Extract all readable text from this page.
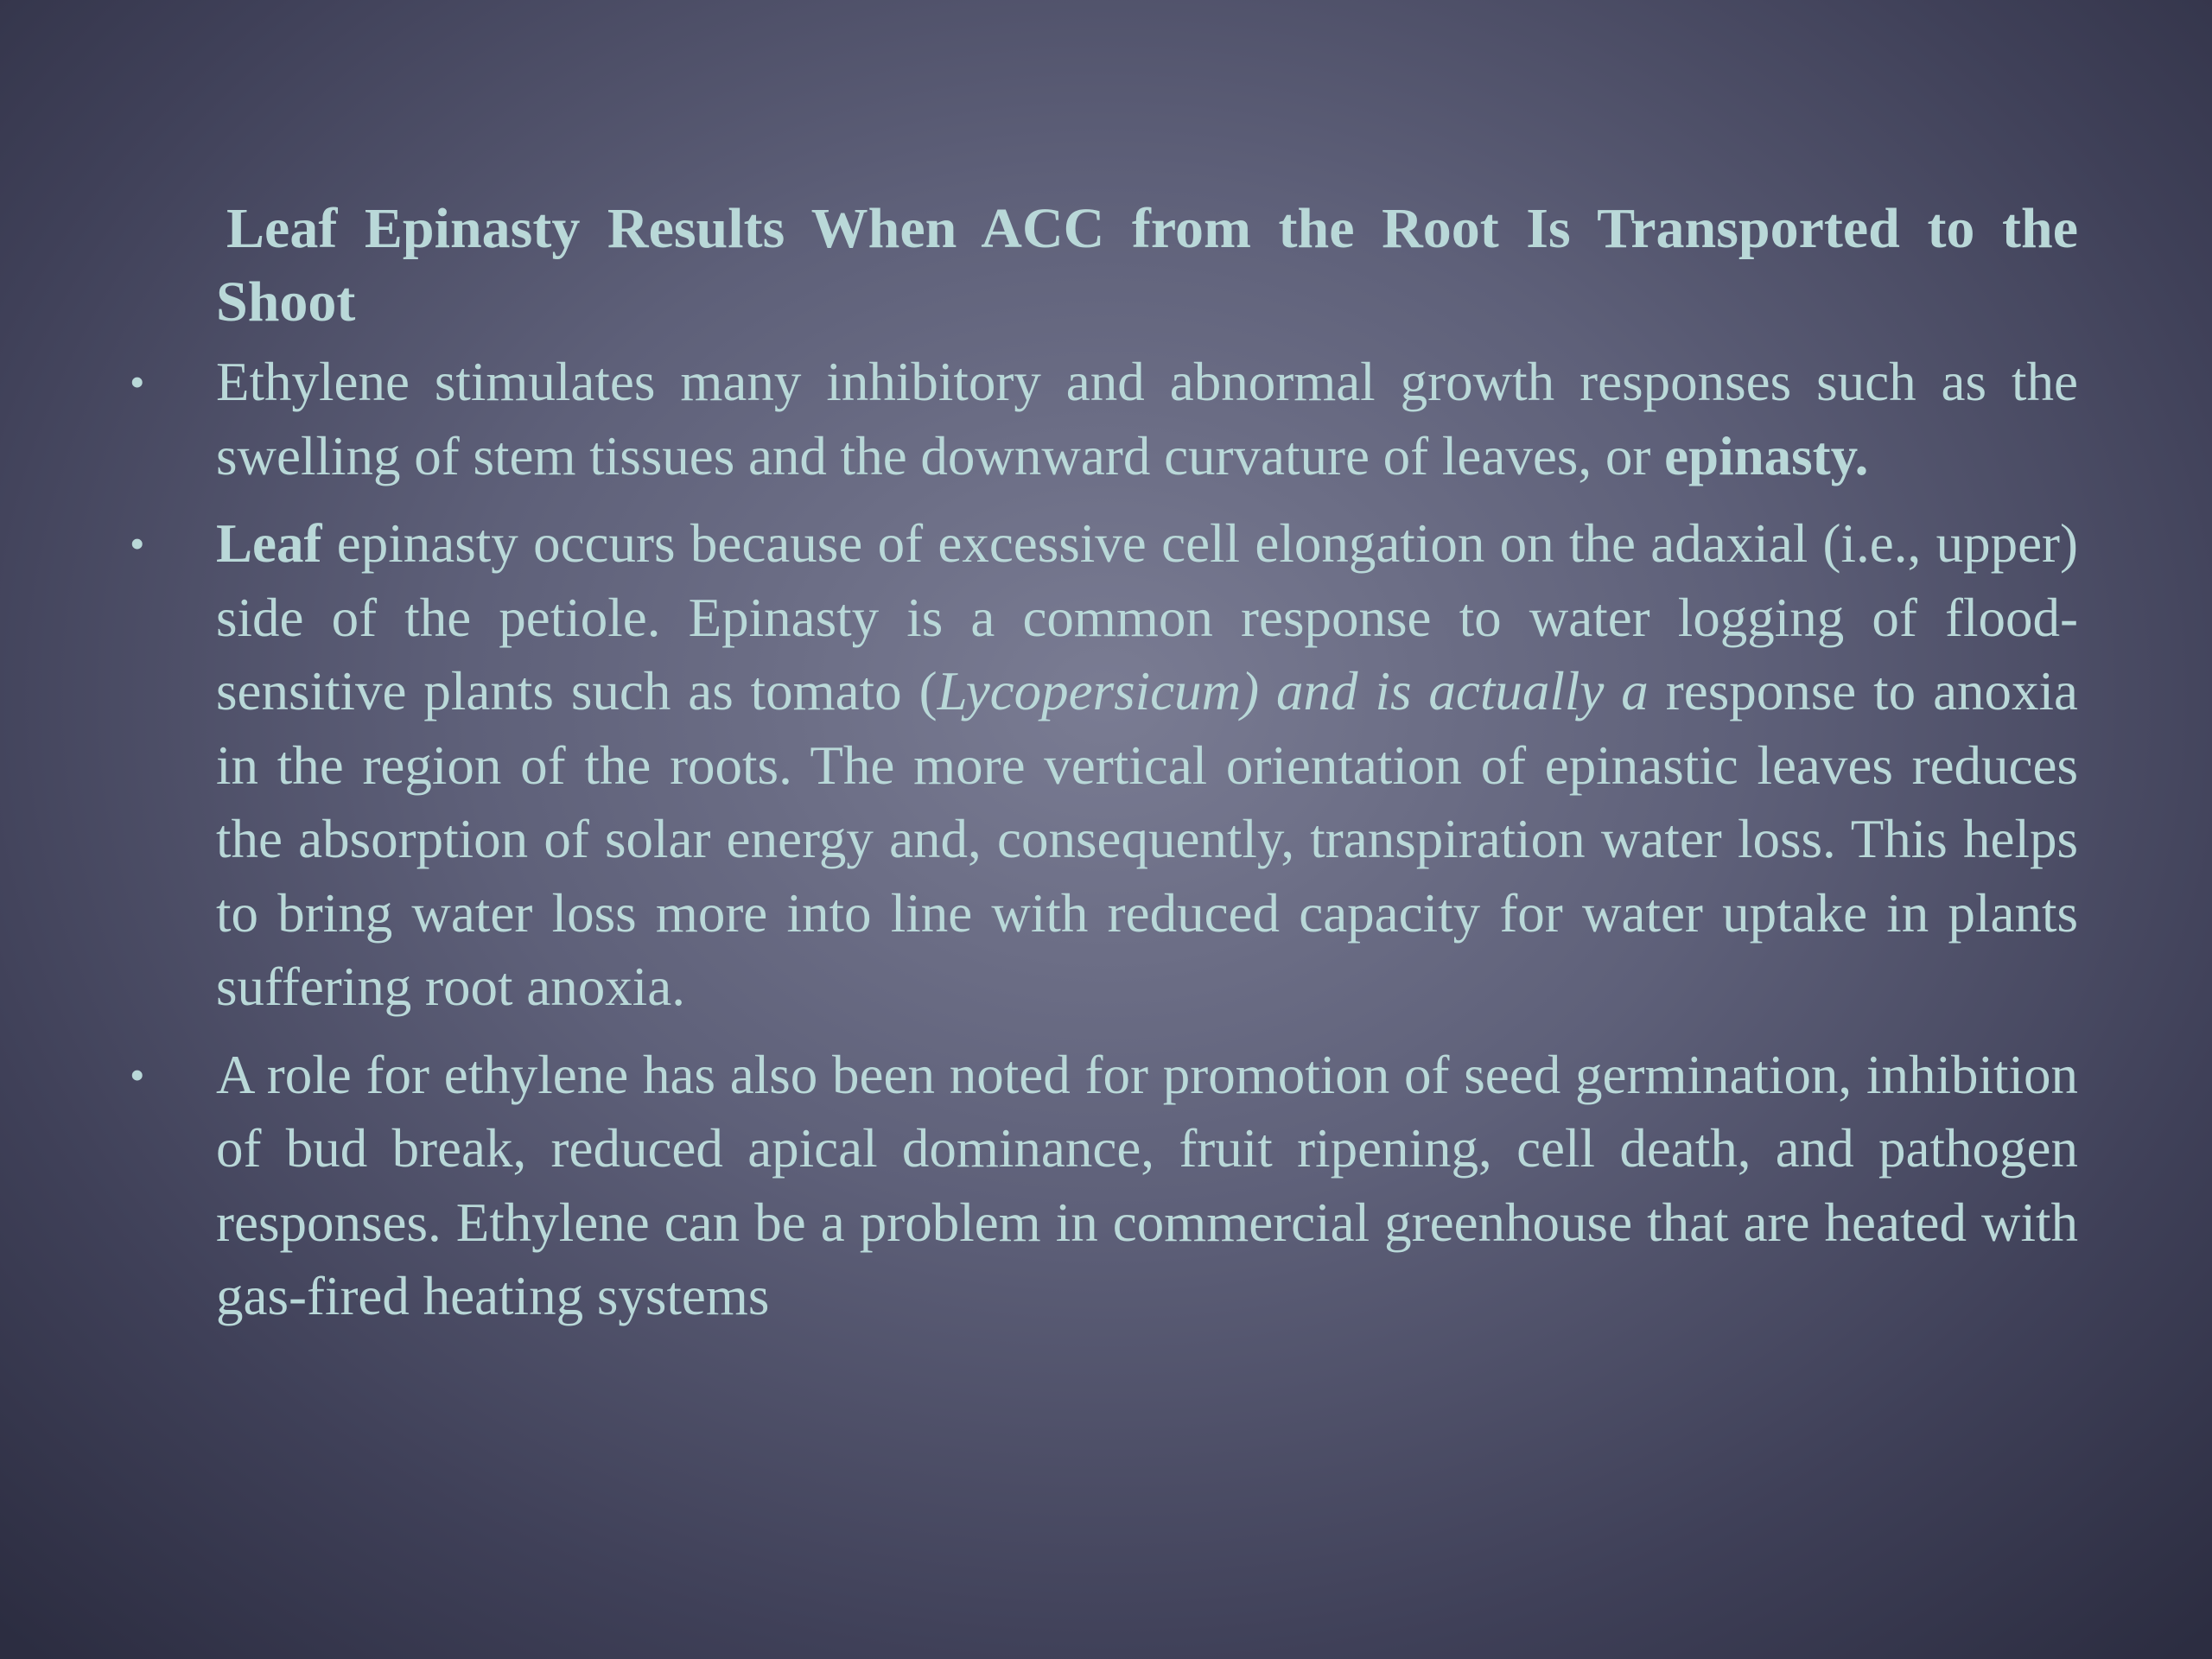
Leaf Epinasty Results When ACC from the Root Is Transported to the Shoot
•	Ethylene stimulates many inhibitory and abnormal growth responses such as the swelling of stem tissues and the downward curvature of leaves, or epinasty.
•	Leaf epinasty occurs because of excessive cell elongation on the adaxial (i.e., upper) side of the petiole. Epinasty is a common response to water logging of flood-sensitive plants such as tomato (Lycopersicum) and is actually a response to anoxia in the region of the roots. The more vertical orientation of epinastic leaves reduces the absorption of solar energy and, consequently, transpiration water loss. This helps to bring water loss more into line with reduced capacity for water uptake in plants suffering root anoxia.
•	A role for ethylene has also been noted for promotion of seed germination, inhibition of bud break, reduced apical dominance, fruit ripening, cell death, and pathogen responses. Ethylene can be a problem in commercial greenhouse that are heated with gas-fired heating systems
